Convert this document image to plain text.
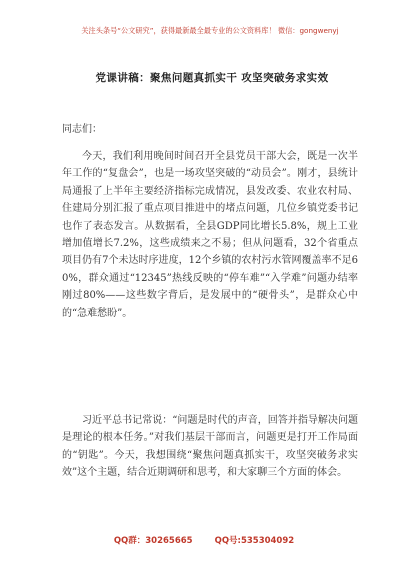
关注头条号“公文研究”，获得最新最全最专业的公文资料库！ 微信：gongwenyj
党课讲稿：聚焦问题真抓实干 攻坚突破务求实效

同志们：

今天，我们利用晚间时间召开全县党员干部大会，既是一次半年工作的“复盘会”，也是一场攻坚突破的“动员会”。刚才，县统计局通报了上半年主要经济指标完成情况，县发改委、农业农村局、住建局分别汇报了重点项目推进中的堵点问题，几位乡镇党委书记也作了表态发言。从数据看，全县GDP同比增长5.8%，规上工业增加值增长7.2%，这些成绩来之不易；但从问题看，32个省重点项目仍有7个未达时序进度，12个乡镇的农村污水管网覆盖率不足60%，群众通过“12345”热线反映的“停车难”“入学难”问题办结率刚过80%——这些数字背后，是发展中的“硬骨头”，是群众心中的“急难愁盼”。

习近平总书记常说：“问题是时代的声音，回答并指导解决问题是理论的根本任务。”对我们基层干部而言，问题更是打开工作局面的“钥匙”。今天，我想围绕“聚焦问题真抓实干，攻坚突破务求实效”这个主题，结合近期调研和思考，和大家聊三个方面的体会。

QQ群：30265665	QQ号:535304092
